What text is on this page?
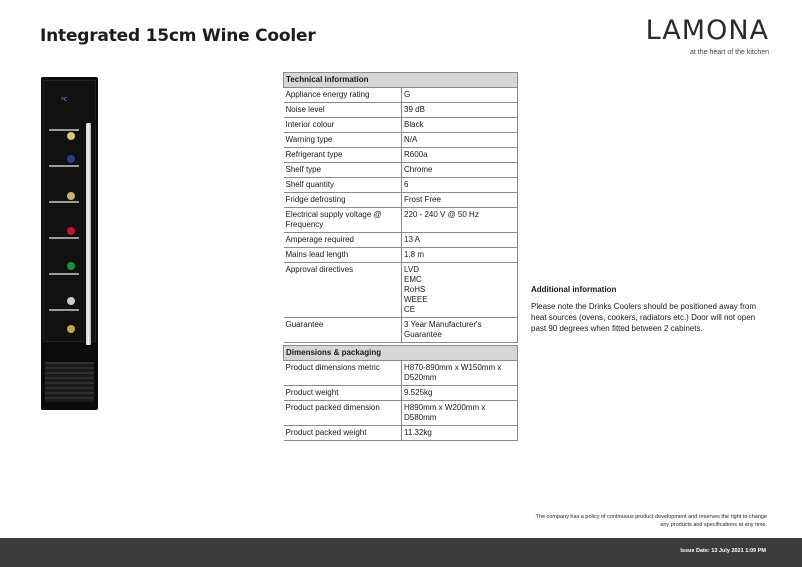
Integrated 15cm Wine Cooler	LAMONA
at the heart of the kitchen
ºC
Technical information	
Appliance energy rating	G
Noise level	39 dB
Interior colour	Black
Warning type	N/A
Refrigerant type	R600a
Shelf type	Chrome
Shelf quantity	6
Fridge defrosting	Frost Free
Electrical supply voltage @ Frequency	220 - 240 V @ 50 Hz
Amperage required	13 A
Mains lead length	1.8 m
Approval directives	LVD
EMC
RoHS
WEEE
CE
Guarantee	3 Year Manufacturer's Guarantee
Dimensions & packaging	
Product dimensions metric	H870-890mm x W150mm x D520mm
Product weight	9.525kg
Product packed dimension	H890mm x W200mm x D580mm
Product packed weight	11.32kg
Additional information

Please note the Drinks Coolers should be positioned away from heat sources (ovens, cookers, radiators etc.) Door will not open past 90 degrees when fitted between 2 cabinets.

The company has a policy of continuous product development and reserves the right to change any products and specifications at any time.
Issue Date: 13 July 2021 1:09 PM
